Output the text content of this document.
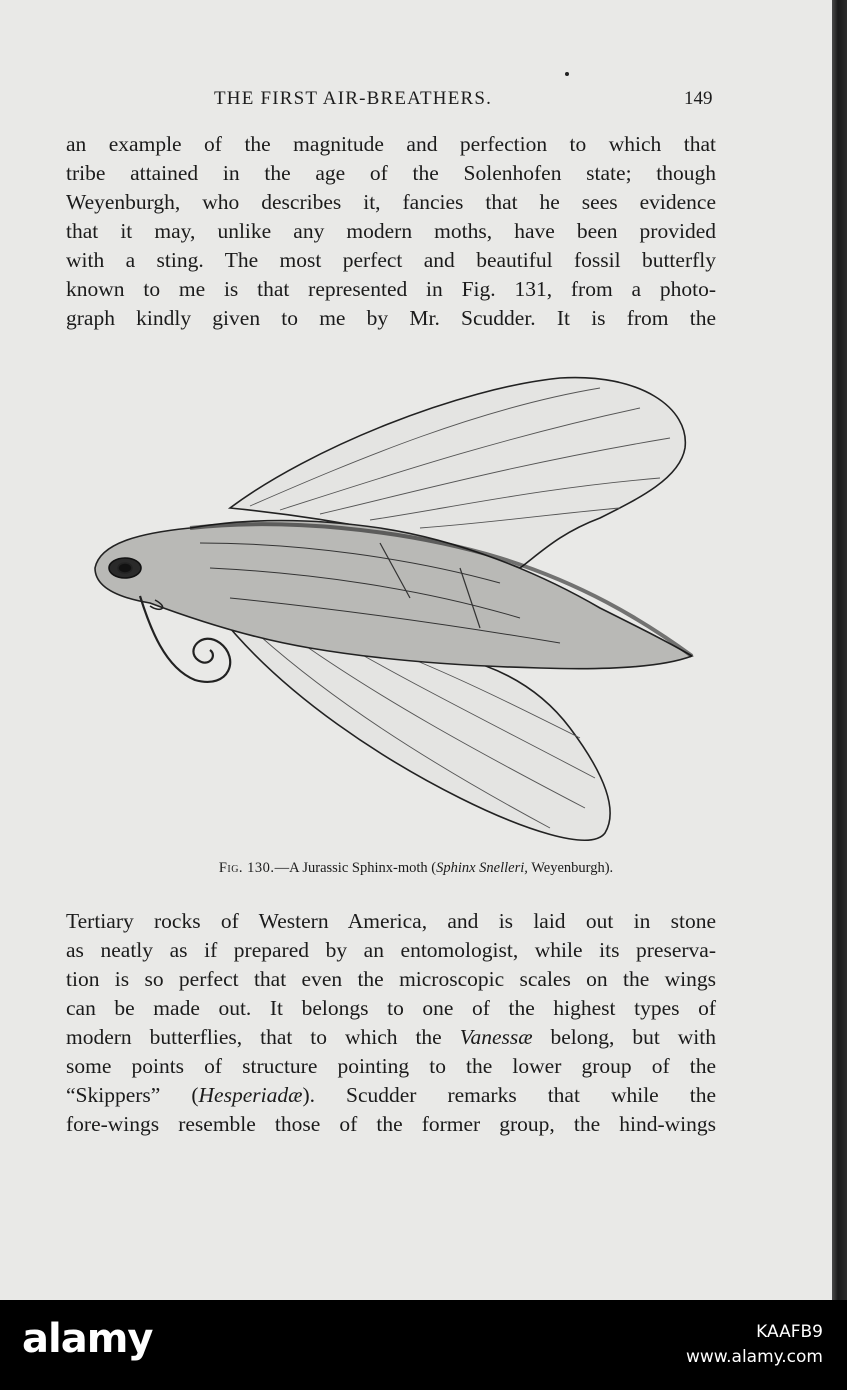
THE FIRST AIR-BREATHERS.	149
an example of the magnitude and perfection to which that
tribe attained in the age of the Solenhofen state; though
Weyenburgh, who describes it, fancies that he sees evidence
that it may, unlike any modern moths, have been provided
with a sting. The most perfect and beautiful fossil butterfly
known to me is that represented in Fig. 131, from a photo-
graph kindly given to me by Mr. Scudder. It is from the
Fig. 130.—A Jurassic Sphinx-moth (Sphinx Snelleri, Weyenburgh).
Tertiary rocks of Western America, and is laid out in stone
as neatly as if prepared by an entomologist, while its preserva-
tion is so perfect that even the microscopic scales on the wings
can be made out. It belongs to one of the highest types of
modern butterflies, that to which the Vanessæ belong, but with
some points of structure pointing to the lower group of the
“Skippers” (Hesperiadæ). Scudder remarks that while the
fore-wings resemble those of the former group, the hind-wings
alamy	KAAFB9
www.alamy.com
